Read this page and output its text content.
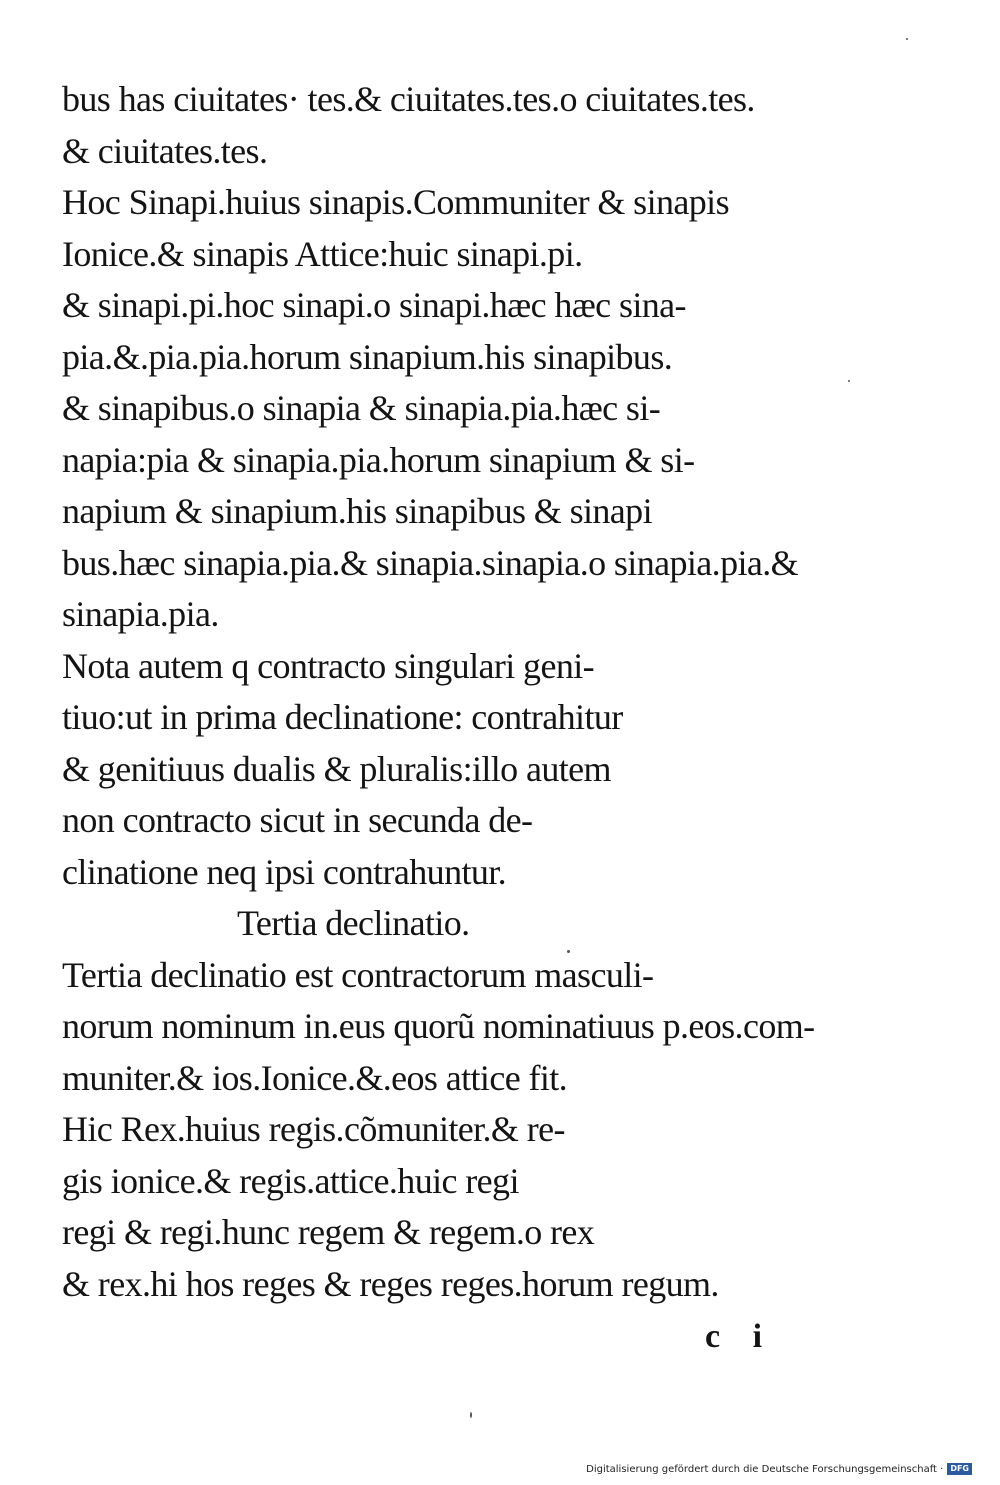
bus has ciuitates· tes.& ciuitates.tes.o ciuitates.tes.
& ciuitates.tes.
Hoc Sinapi.huius sinapis.Communiter & sinapis
Ionice.& sinapis Attice:huic sinapi.pi.
& sinapi.pi.hoc sinapi.o sinapi.hæc hæc sina-
pia.&.pia.pia.horum sinapium.his sinapibus.
& sinapibus.o sinapia & sinapia.pia.hæc si-
napia:pia & sinapia.pia.horum sinapium & si-
napium & sinapium.his sinapibus & sinapi
bus.hæc sinapia.pia.& sinapia.sinapia.o sinapia.pia.&
sinapia.pia.
Nota autem q contracto singulari geni-
tiuo:ut in prima declinatione: contrahitur
& genitiuus dualis & pluralis:illo autem
non contracto sicut in secunda de-
clinatione neq ipsi contrahuntur.
Tertia declinatio.
Tertia declinatio est contractorum masculi-
norum nominum in.eus quorũ nominatiuus p.eos.com-
muniter.& ios.Ionice.&.eos attice fit.
Hic Rex.huius regis.cõmuniter.& re-
gis ionice.& regis.attice.huic regi
regi & regi.hunc regem & regem.o rex
& rex.hi hos reges & reges reges.horum regum.
c i
Digitalisierung gefördert durch die Deutsche Forschungsgemeinschaft · DFG
